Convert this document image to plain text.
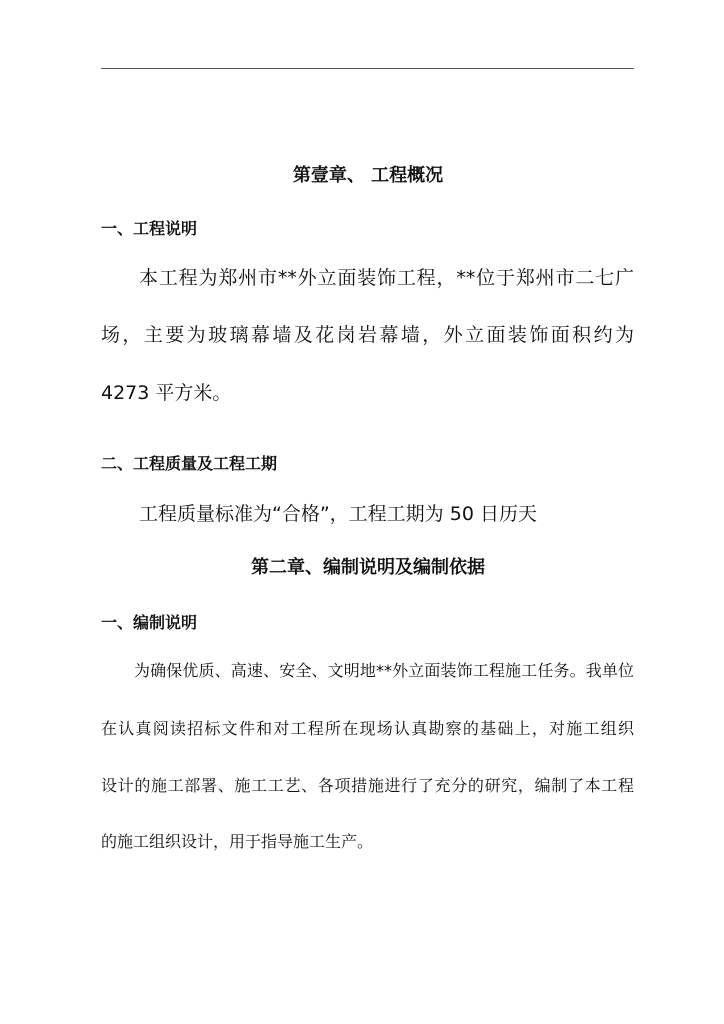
第壹章、 工程概况
一、工程说明

本工程为郑州市**外立面装饰工程，**位于郑州市二七广

场，主要为玻璃幕墙及花岗岩幕墙，外立面装饰面积约为

4273 平方米。

二、工程质量及工程工期

工程质量标准为“合格”，工程工期为 50 日历天

第二章、编制说明及编制依据
一、编制说明

为确保优质、高速、安全、文明地**外立面装饰工程施工任务。我单位

在认真阅读招标文件和对工程所在现场认真勘察的基础上，对施工组织

设计的施工部署、施工工艺、各项措施进行了充分的研究，编制了本工程

的施工组织设计，用于指导施工生产。
